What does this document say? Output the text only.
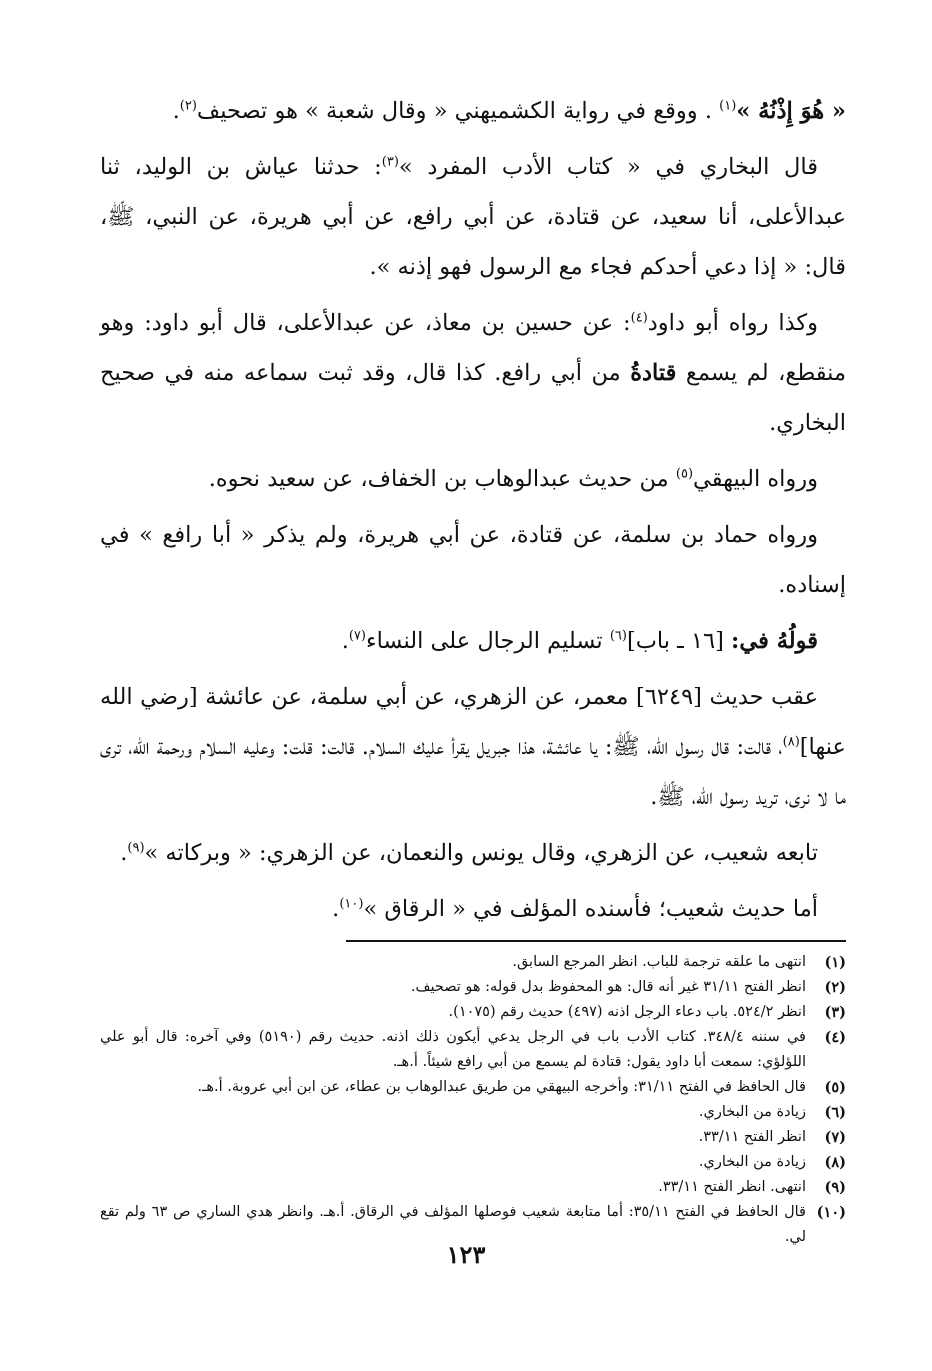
« هُوَ إِذْنُهُ »$^{(١)}$ . ووقع في رواية الكشميهني « وقال شعبة » هو تصحيف$^{(٢)}$.

قال البخاري في « كتاب الأدب المفرد »$^{(٣)}$: حدثنا عياش بن الوليد، ثنا عبدالأعلى، أنا سعيد، عن قتادة، عن أبي رافع، عن أبي هريرة، عن النبي، ﷺ، قال: « إذا دعي أحدكم فجاء مع الرسول فهو إذنه ».

وكذا رواه أبو داود$^{(٤)}$: عن حسين بن معاذ، عن عبدالأعلى، قال أبو داود: وهو منقطع، لم يسمع قتادةُ من أبي رافع. كذا قال، وقد ثبت سماعه منه في صحيح البخاري.

ورواه البيهقي$^{(٥)}$ من حديث عبدالوهاب بن الخفاف، عن سعيد نحوه.

ورواه حماد بن سلمة، عن قتادة، عن أبي هريرة، ولم يذكر « أبا رافع » في إسناده.

قولُهُ في: [١٦ ـ باب]$^{(٦)}$ تسليم الرجال على النساء$^{(٧)}$.

عقب حديث [٦٢٤٩] معمر، عن الزهري، عن أبي سلمة، عن عائشة [رضي الله عنها]$^{(٨)}$، قالت: قال رسول الله، ﷺ: يا عائشة، هذا جبريل يقرأ عليك السلام. قالت: قلت: وعليه السلام ورحمة الله، ترى ما لا نرى، تريد رسول الله، ﷺ.

تابعه شعيب، عن الزهري، وقال يونس والنعمان، عن الزهري: « وبركاته »$^{(٩)}$.

أما حديث شعيب؛ فأسنده المؤلف في « الرقاق »$^{(١٠)}$.

(١)
انتهى ما علقه ترجمة للباب. انظر المرجع السابق.
(٢)
انظر الفتح ٣١/١١ غير أنه قال: هو المحفوظ بدل قوله: هو تصحيف.
(٣)
انظر ٥٢٤/٢. باب دعاء الرجل اذنه (٤٩٧) حديث رقم (١٠٧٥).
(٤)
في سننه ٣٤٨/٤. كتاب الأدب باب في الرجل يدعي أيكون ذلك اذنه. حديث رقم (٥١٩٠) وفي آخره: قال أبو علي اللؤلؤي: سمعت أبا داود يقول: قتادة لم يسمع من أبي رافع شيئاً. أ.هـ.
(٥)
قال الحافظ في الفتح ٣١/١١: وأخرجه البيهقي من طريق عبدالوهاب بن عطاء، عن ابن أبي عروبة. أ.هـ.
(٦)
زيادة من البخاري.
(٧)
انظر الفتح ٣٣/١١.
(٨)
زيادة من البخاري.
(٩)
انتهى. انظر الفتح ٣٣/١١.
(١٠)
قال الحافظ في الفتح ٣٥/١١: أما متابعة شعيب فوصلها المؤلف في الرقاق. أ.هـ. وانظر هدي الساري ص ٦٣ ولم تقع لي.
١٢٣
